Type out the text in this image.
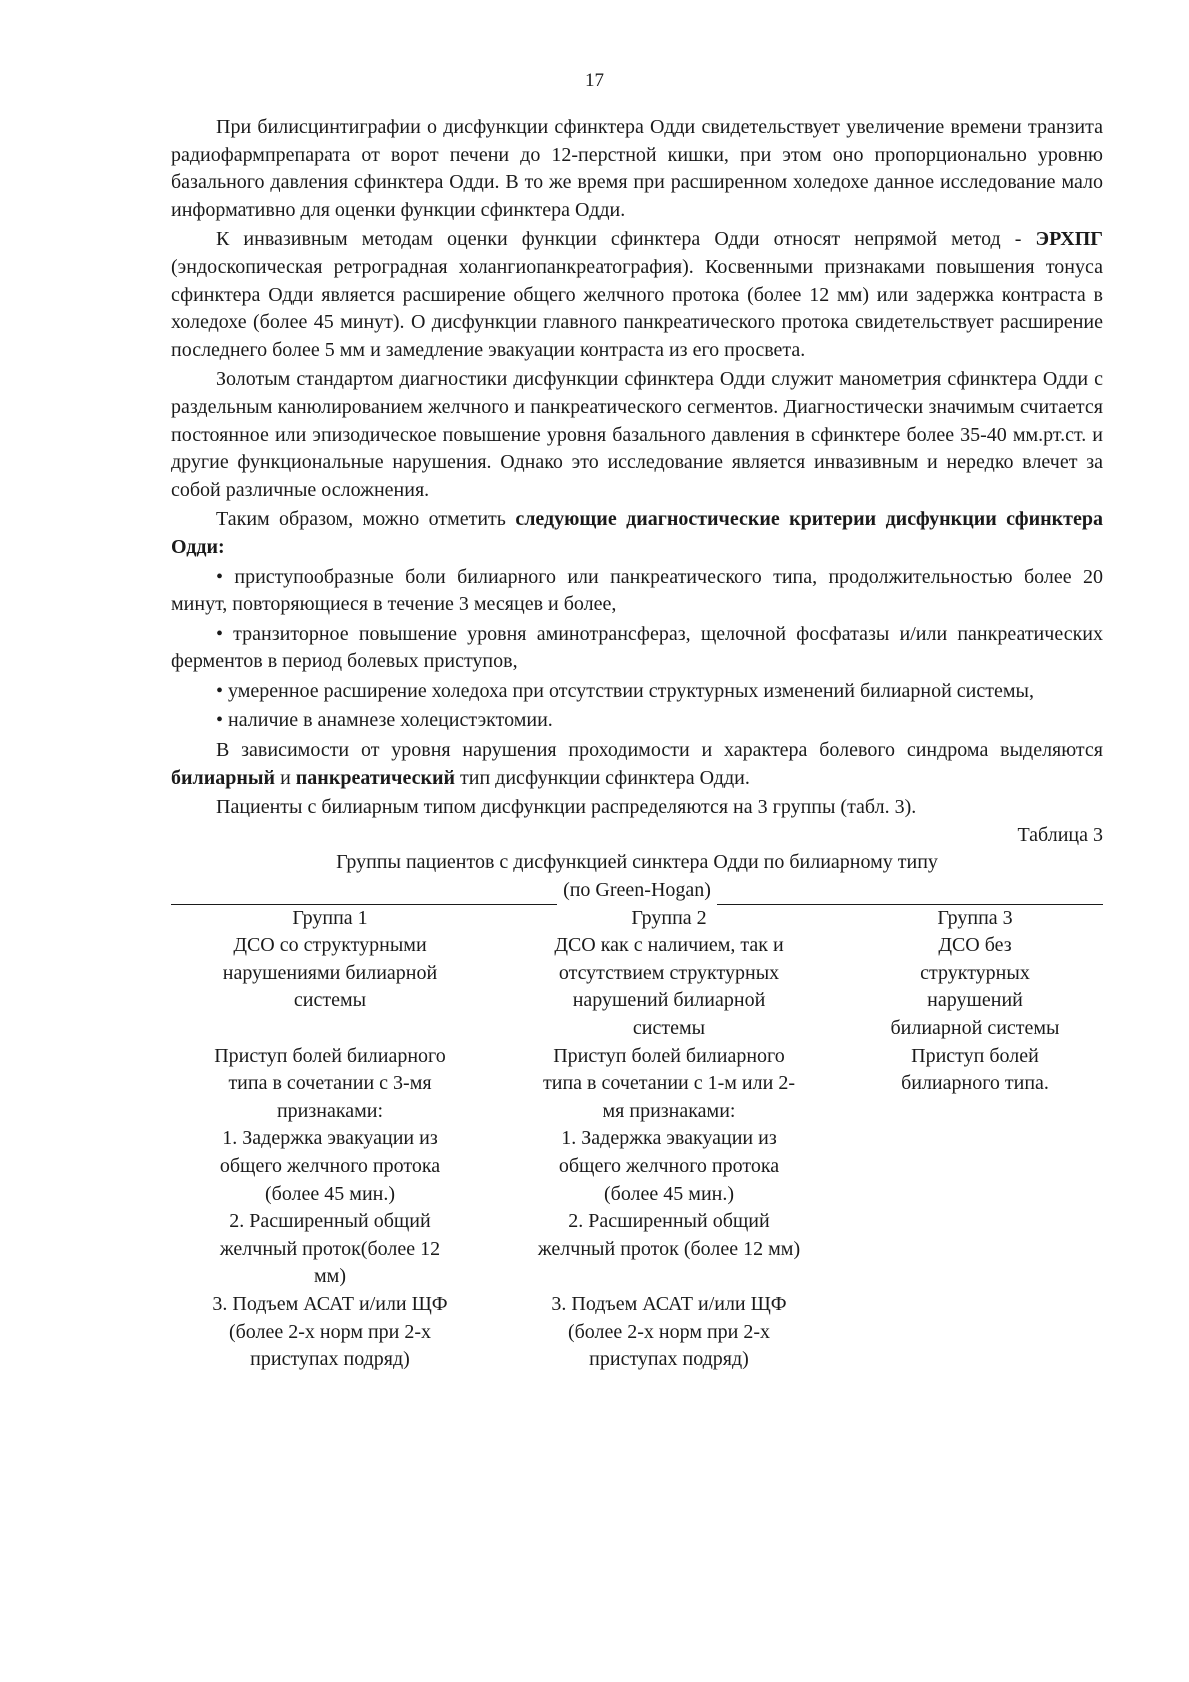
17

При билисцинтиграфии о дисфункции сфинктера Одди свидетельствует увеличение времени транзита радиофармпрепарата от ворот печени до 12-перстной кишки, при этом оно пропорционально уровню базального давления сфинктера Одди. В то же время при расширенном холедохе данное исследование мало информативно для оценки функции сфинктера Одди.

К инвазивным методам оценки функции сфинктера Одди относят непрямой метод - ЭРХПГ (эндоскопическая ретроградная холангиопанкреатография). Косвенными признаками повышения тонуса сфинктера Одди является расширение общего желчного протока (более 12 мм) или задержка контраста в холедохе (более 45 минут). О дисфункции главного панкреатического протока свидетельствует расширение последнего более 5 мм и замедление эвакуации контраста из его просвета.

Золотым стандартом диагностики дисфункции сфинктера Одди служит манометрия сфинктера Одди с раздельным канюлированием желчного и панкреатического сегментов. Диагностически значимым считается постоянное или эпизодическое повышение уровня базального давления в сфинктере более 35-40 мм.рт.ст. и другие функциональные нарушения. Однако это исследование является инвазивным и нередко влечет за собой различные осложнения.

Таким образом, можно отметить следующие диагностические критерии дисфункции сфинктера Одди:

• приступообразные боли билиарного или панкреатического типа, продолжительностью более 20 минут, повторяющиеся в течение 3 месяцев и более,

• транзиторное повышение уровня аминотрансфераз, щелочной фосфатазы и/или панкреатических ферментов в период болевых приступов,

• умеренное расширение холедоха при отсутствии структурных изменений билиарной системы,

• наличие в анамнезе холецистэктомии.

В зависимости от уровня нарушения проходимости и характера болевого синдрома выделяются билиарный и панкреатический тип дисфункции сфинктера Одди.

Пациенты с билиарным типом дисфункции распределяются на 3 группы (табл. 3).

Таблица 3

Группы пациентов с дисфункцией синктера Одди по билиарному типу

(по Green-Hogan)

Группа 1

ДСО со структурными

нарушениями билиарной

системы

Приступ болей билиарного

типа в сочетании с 3-мя

признаками:

1. Задержка эвакуации из

общего желчного протока

(более 45 мин.)

2. Расширенный общий

желчный проток(более 12

мм)

3. Подъем АСАТ и/или ЩФ

(более 2-х норм при 2-х

приступах подряд)

Группа 2

ДСО как с наличием, так и

отсутствием структурных

нарушений билиарной

системы

Приступ болей билиарного

типа в сочетании с 1-м или 2-

мя признаками:

1. Задержка эвакуации из

общего желчного протока

(более 45 мин.)

2. Расширенный общий

желчный проток (более 12 мм)

3. Подъем АСАТ и/или ЩФ

(более 2-х норм при 2-х

приступах подряд)

Группа 3

ДСО без

структурных

нарушений

билиарной системы

Приступ болей

билиарного типа.
